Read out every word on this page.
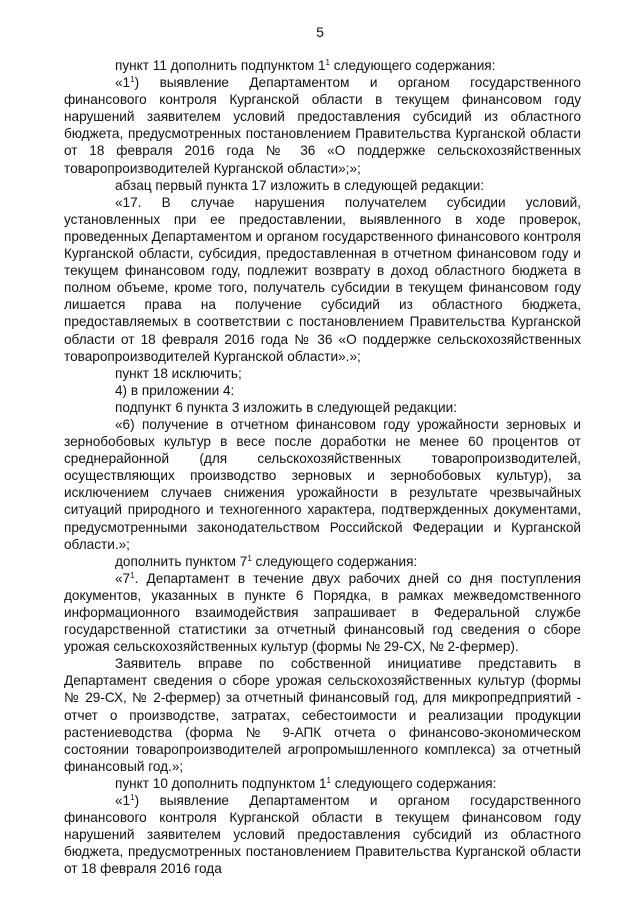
5

пункт 11 дополнить подпунктом $1^1$ следующего содержания:

«$1^1$) выявление Департаментом и органом государственного финансового контроля Курганской области в текущем финансовом году нарушений заявителем условий предоставления субсидий из областного бюджета, предусмотренных постановлением Правительства Курганской области от 18 февраля 2016 года № 36 «О поддержке сельскохозяйственных товаропроизводителей Курганской области»;»;

абзац первый пункта 17 изложить в следующей редакции:

«17. В случае нарушения получателем субсидии условий, установленных при ее предоставлении, выявленного в ходе проверок, проведенных Департаментом и органом государственного финансового контроля Курганской области, субсидия, предоставленная в отчетном финансовом году и текущем финансовом году, подлежит возврату в доход областного бюджета в полном объеме, кроме того, получатель субсидии в текущем финансовом году лишается права на получение субсидий из областного бюджета, предоставляемых в соответствии с постановлением Правительства Курганской области от 18 февраля 2016 года № 36 «О поддержке сельскохозяйственных товаропроизводителей Курганской области».»;

пункт 18 исключить;

4) в приложении 4:

подпункт 6 пункта 3 изложить в следующей редакции:

«6) получение в отчетном финансовом году урожайности зерновых и зернобобовых культур в весе после доработки не менее 60 процентов от среднерайонной (для сельскохозяйственных товаропроизводителей, осуществляющих производство зерновых и зернобобовых культур), за исключением случаев снижения урожайности в результате чрезвычайных ситуаций природного и техногенного характера, подтвержденных документами, предусмотренными законодательством Российской Федерации и Курганской области.»;

дополнить пунктом $7^1$ следующего содержания:

«$7^1$. Департамент в течение двух рабочих дней со дня поступления документов, указанных в пункте 6 Порядка, в рамках межведомственного информационного взаимодействия запрашивает в Федеральной службе государственной статистики за отчетный финансовый год сведения о сборе урожая сельскохозяйственных культур (формы № 29-СХ, № 2-фермер).

Заявитель вправе по собственной инициативе представить в Департамент сведения о сборе урожая сельскохозяйственных культур (формы № 29-СХ, № 2-фермер) за отчетный финансовый год, для микропредприятий - отчет о производстве, затратах, себестоимости и реализации продукции растениеводства (форма № 9-АПК отчета о финансово-экономическом состоянии товаропроизводителей агропромышленного комплекса) за отчетный финансовый год.»;

пункт 10 дополнить подпунктом $1^1$ следующего содержания:

«$1^1$) выявление Департаментом и органом государственного финансового контроля Курганской области в текущем финансовом году нарушений заявителем условий предоставления субсидий из областного бюджета, предусмотренных постановлением Правительства Курганской области от 18 февраля 2016 года
